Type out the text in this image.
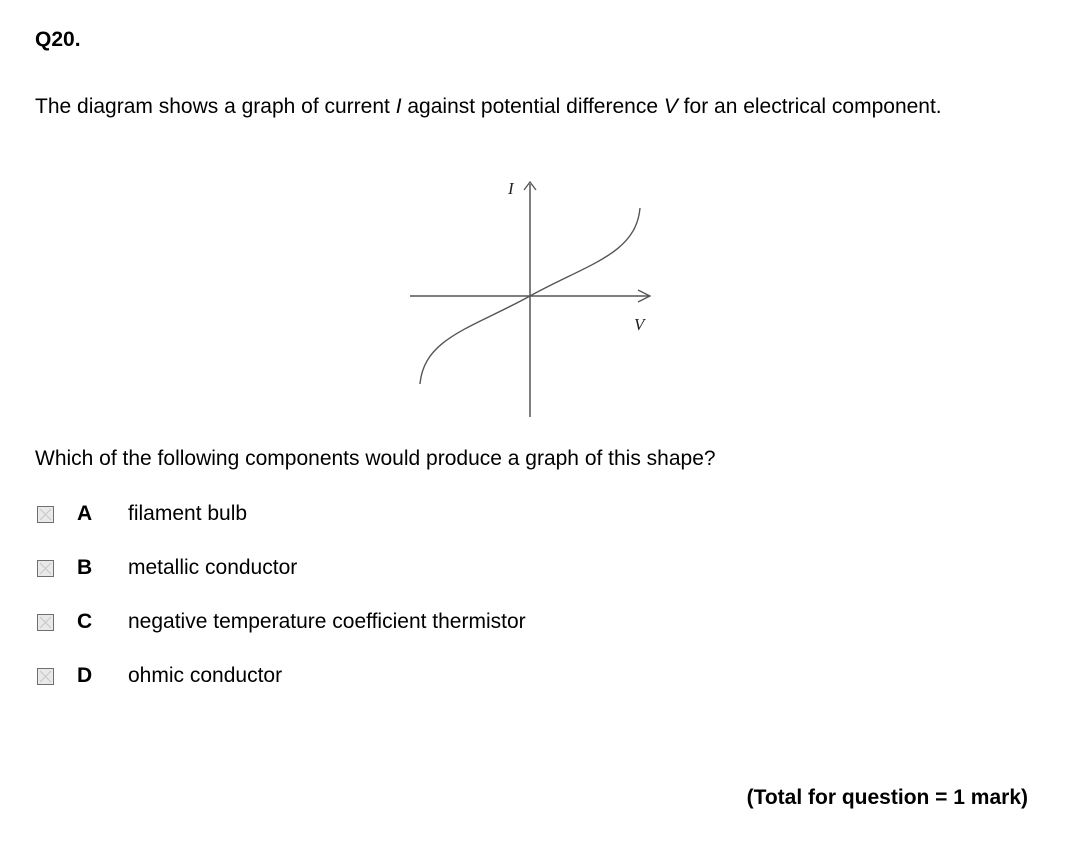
Q20.
The diagram shows a graph of current I against potential difference V for an electrical component.
I
V
Which of the following components would produce a graph of this shape?
A filament bulb
B metallic conductor
C negative temperature coefficient thermistor
D ohmic conductor
(Total for question = 1 mark)
